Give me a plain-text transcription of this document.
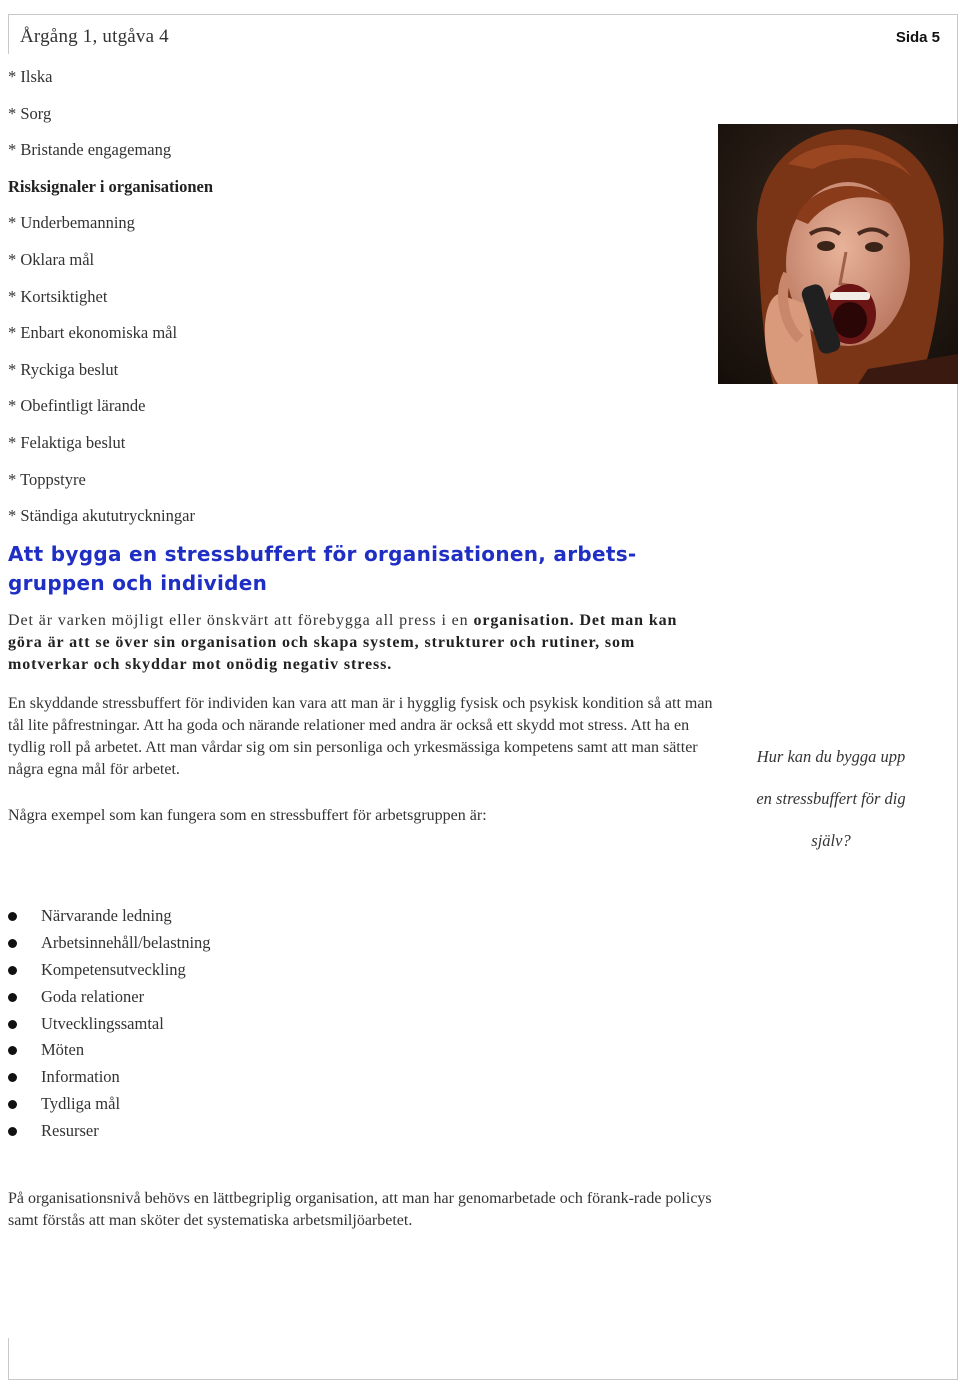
Årgång 1, utgåva 4	Sida 5
* Ilska
* Sorg
* Bristande engagemang
Risksignaler i organisationen
* Underbemanning
* Oklara mål
* Kortsiktighet
* Enbart ekonomiska mål
* Ryckiga beslut
* Obefintligt lärande
* Felaktiga beslut
* Toppstyre
* Ständiga akututryckningar
Att bygga en stressbuffert för organisationen, arbets-gruppen och individen
Det är varken möjligt eller önskvärt att förebygga all press i en organisation. Det man kan göra är att se över sin organisation och skapa system, strukturer och rutiner, som motverkar och skyddar mot onödig negativ stress.
En skyddande stressbuffert för individen kan vara att man är i hygglig fysisk och psykisk kondition så att man tål lite påfrestningar. Att ha goda och närande relationer med andra är också ett skydd mot stress. Att ha en tydlig roll på arbetet. Att man vårdar sig om sin personliga och yrkesmässiga kompetens samt att man sätter några egna mål för arbetet.
Några exempel som kan fungera som en stressbuffert för arbetsgruppen är:
Hur kan du bygga upp
en stressbuffert för dig
själv?
Närvarande ledning
Arbetsinnehåll/belastning
Kompetensutveckling
Goda relationer
Utvecklingssamtal
Möten
Information
Tydliga mål
Resurser
På organisationsnivå behövs en lättbegriplig organisation, att man har genomarbetade och förank-rade policys samt förstås att man sköter det systematiska arbetsmiljöarbetet.
